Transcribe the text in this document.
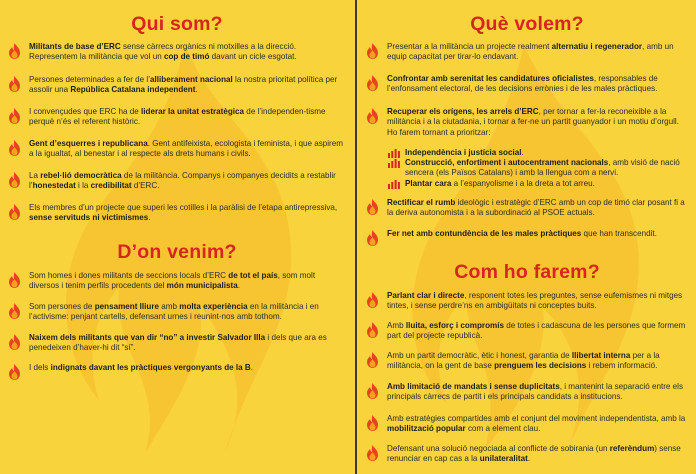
Qui som?
Militants de base d’ERC sense càrrecs orgànics ni motxilles a la direcció. Representem la militància que vol un cop de timó davant un cicle esgotat.
Persones determinades a fer de l’alliberament nacional la nostra prioritat política per assolir una República Catalana independent.
I convençudes que ERC ha de liderar la unitat estratègica de l’independen-tisme perquè n’és el referent històric.
Gent d’esquerres i republicana. Gent antifeixista, ecologista i feminista, i que aspirem a la igualtat, al benestar i al respecte als drets humans i civils.
La rebel·lió democràtica de la militància. Companys i companyes decidits a restablir l’honestedat i la credibilitat d’ERC.
Els membres d’un projecte que superi les cotilles i la paràlisi de l’etapa antirepressiva, sense servituds ni victimismes.
D’on venim?
Som homes i dones militants de seccions locals d’ERC de tot el país, som molt diversos i tenim perfils procedents del món municipalista.
Som persones de pensament lliure amb molta experiència en la militància i en l’activisme: penjant cartells, defensant urnes i reunint-nos amb tothom.
Naixem dels militants que van dir “no” a investir Salvador Illa i dels que ara es penedeixen d’haver-hi dit “sí”.
I dels indignats davant les pràctiques vergonyants de la B.
Què volem?
Presentar a la militància un projecte realment alternatiu i regenerador, amb un equip capacitat per tirar-lo endavant.
Confrontar amb serenitat les candidatures oficialistes, responsables de l’enfonsament electoral, de les decisions errònies i de les males pràctiques.
Recuperar els orígens, les arrels d’ERC, per tornar a fer-la reconeixible a la militància i a la ciutadania, i tornar a fer-ne un partit guanyador i un motiu d’orgull. Ho farem tornant a prioritzar:
Independència i justícia social.
Construcció, enfortiment i autocentrament nacionals, amb visió de nació sencera (els Països Catalans) i amb la llengua com a nervi.
Plantar cara a l’espanyolisme i a la dreta a tot arreu.
Rectificar el rumb ideològic i estratègic d’ERC amb un cop de timó clar posant fi a la deriva autonomista i a la subordinació al PSOE actuals.
Fer net amb contundència de les males pràctiques que han transcendit.
Com ho farem?
Parlant clar i directe, responent totes les preguntes, sense eufemismes ni mitges tintes, i sense perdre’ns en ambigüitats ni conceptes buits.
Amb lluita, esforç i compromís de totes i cadascuna de les persones que formem part del projecte republicà.
Amb un partit democràtic, ètic i honest, garantia de llibertat interna per a la militància, on la gent de base prenguem les decisions i rebem informació.
Amb limitació de mandats i sense duplicitats, i mantenint la separació entre els principals càrrecs de partit i els principals candidats a institucions.
Amb estratègies compartides amb el conjunt del moviment independentista, amb la mobilització popular com a element clau.
Defensant una solució negociada al conflicte de sobirania (un referèndum) sense renunciar en cap cas a la unilateralitat.
